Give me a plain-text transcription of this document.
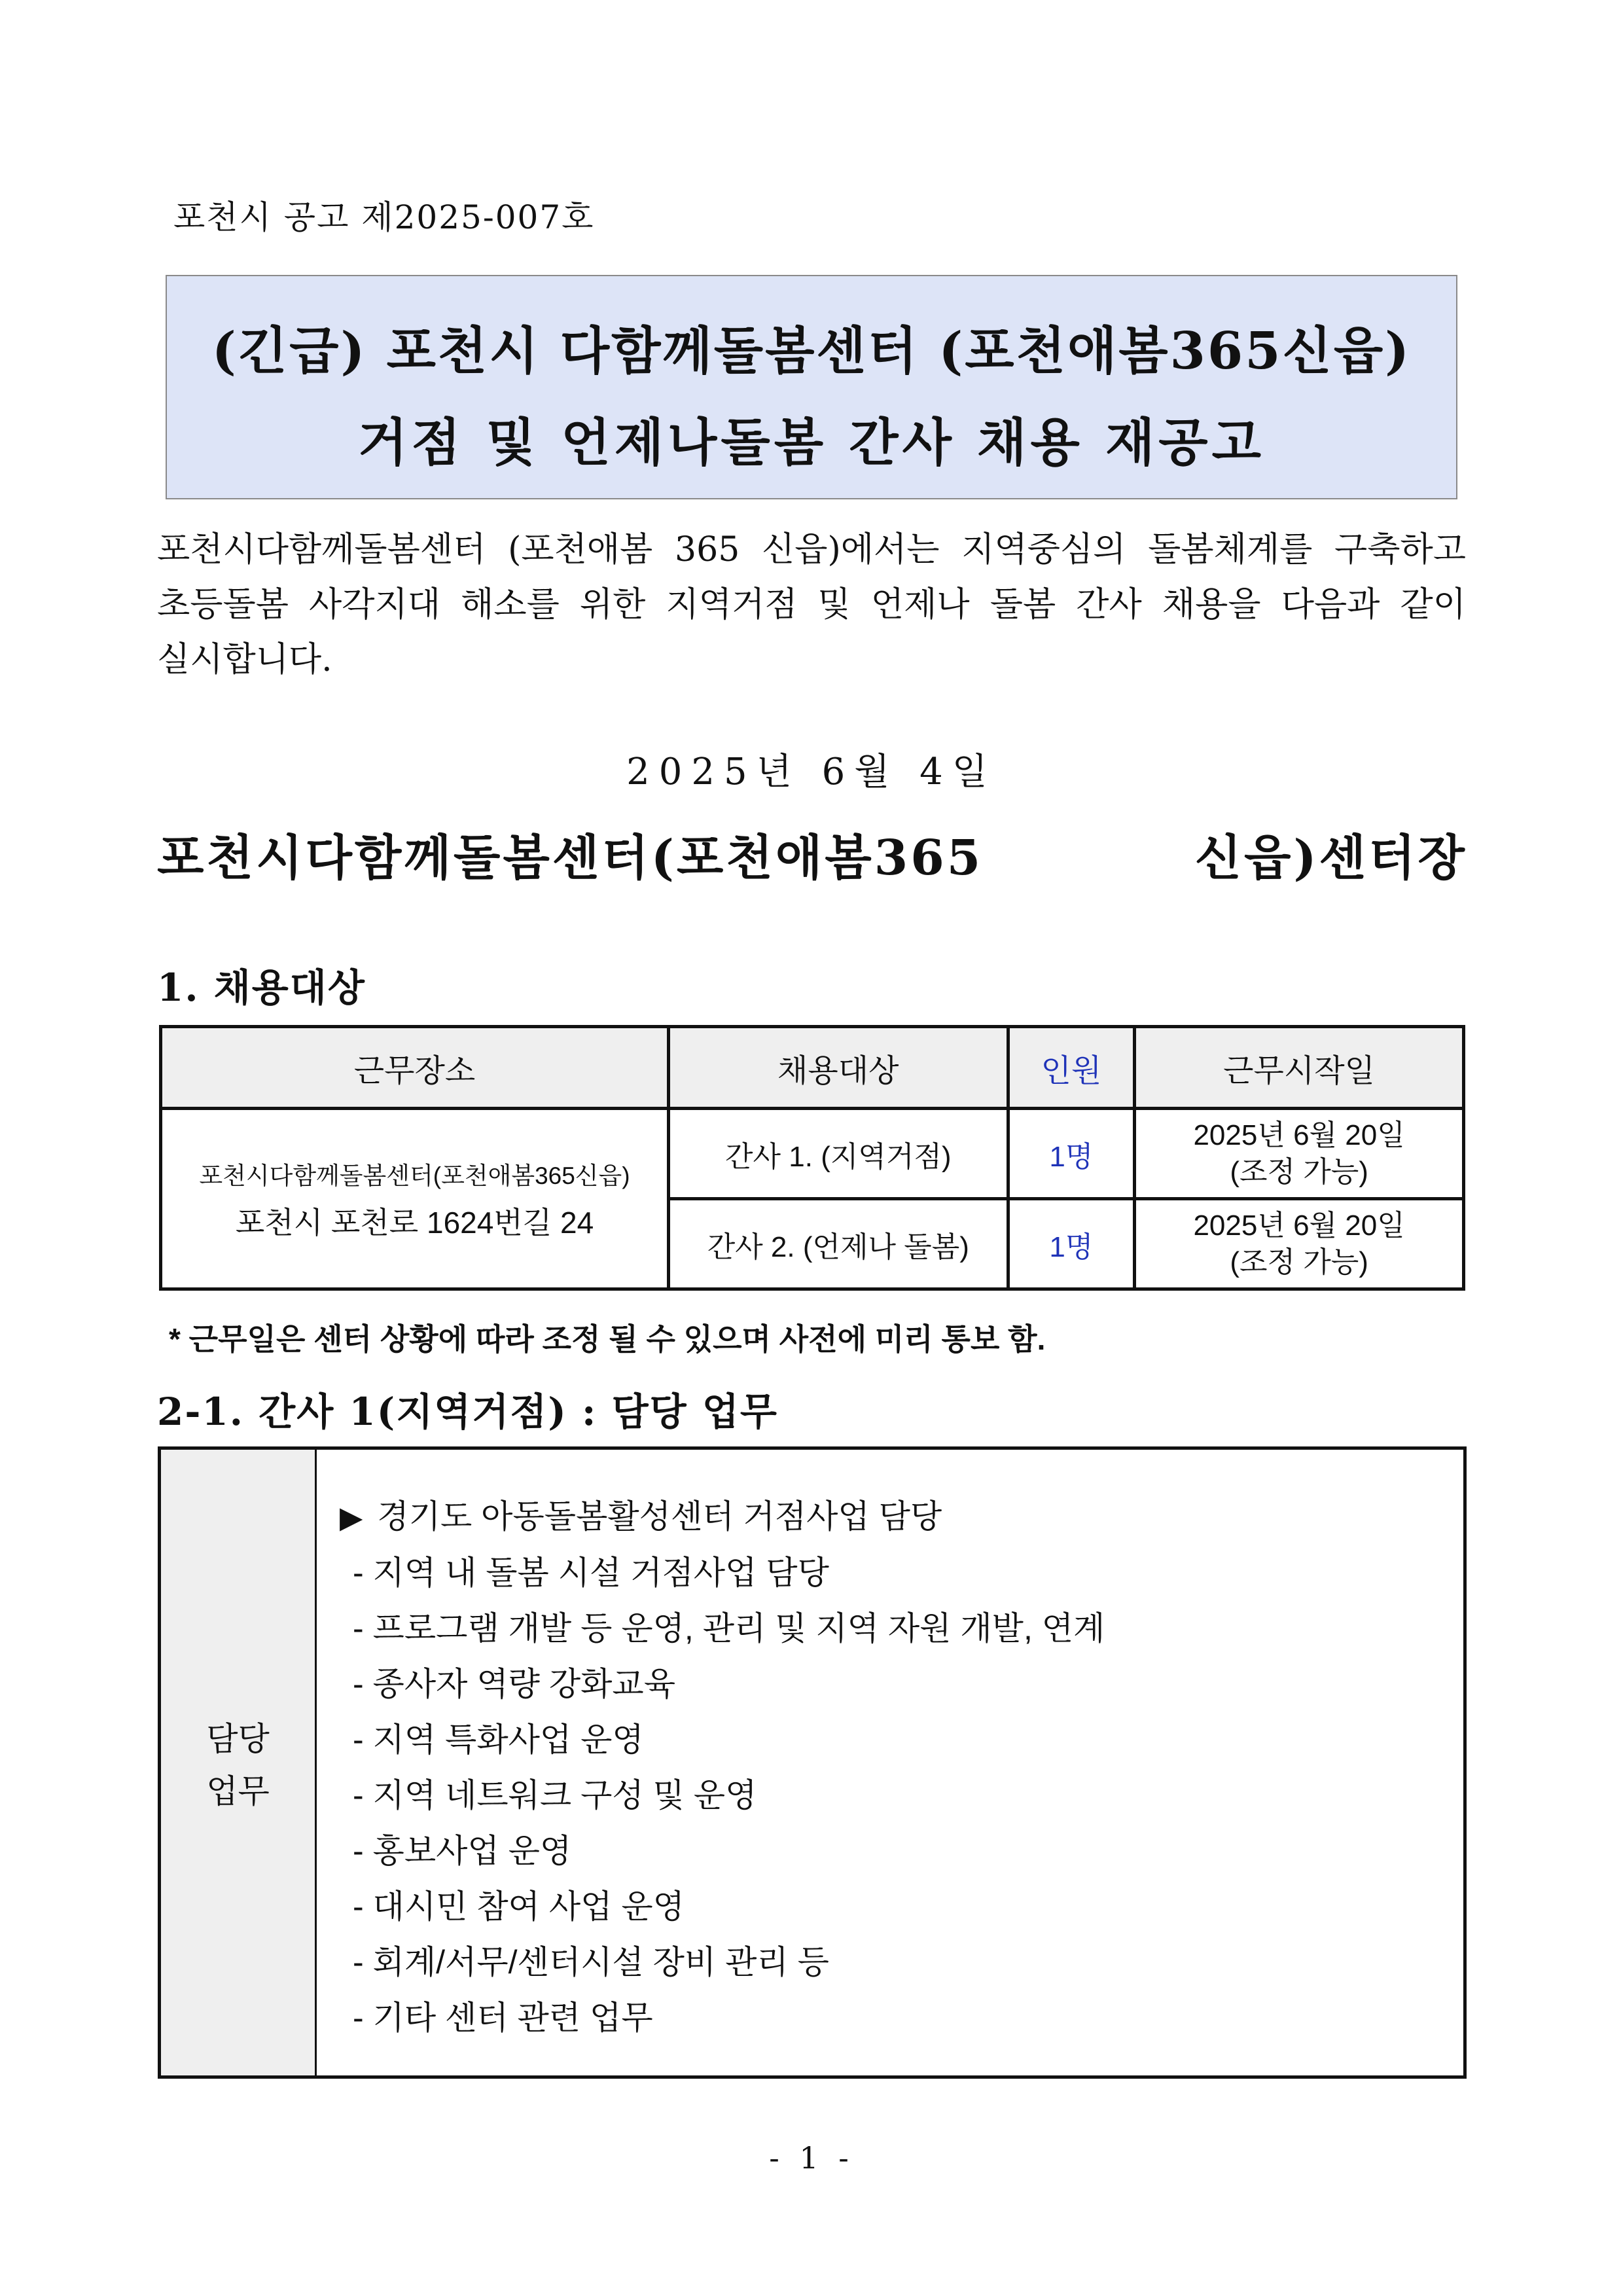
포천시 공고 제2025-007호
(긴급) 포천시 다함께돌봄센터 (포천애봄365신읍)
거점 및 언제나돌봄 간사 채용 재공고
포천시다함께돌봄센터 (포천애봄 365 신읍)에서는 지역중심의 돌봄체계를 구축하고
초등돌봄 사각지대 해소를 위한 지역거점 및 언제나 돌봄 간사 채용을 다음과 같이
실시합니다.
2025년 6월 4일
포천시다함께돌봄센터(포천애봄365 신읍)센터장
1. 채용대상
근무장소	채용대상	인원	근무시작일

포천시다함께돌봄센터(포천애봄365신읍)
포천시 포천로 1624번길 24	간사 1. (지역거점)	1명	2025년 6월 20일
(조정 가능)
	간사 2. (언제나 돌봄)	1명	2025년 6월 20일
(조정 가능)
* 근무일은 센터 상황에 따라 조정 될 수 있으며 사전에 미리 통보 함.
2-1. 간사 1(지역거점) : 담당 업무
담당
업무
▶ 경기도 아동돌봄활성센터 거점사업 담당
- 지역 내 돌봄 시설 거점사업 담당
- 프로그램 개발 등 운영, 관리 및 지역 자원 개발, 연계
- 종사자 역량 강화교육
- 지역 특화사업 운영
- 지역 네트워크 구성 및 운영
- 홍보사업 운영
- 대시민 참여 사업 운영
- 회계/서무/센터시설 장비 관리 등
- 기타 센터 관련 업무
- 1 -
